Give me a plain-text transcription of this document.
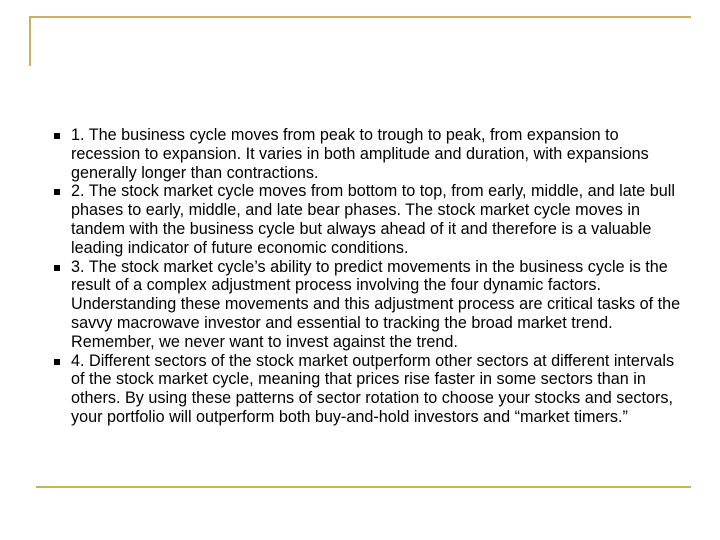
1. The business cycle moves from peak to trough to peak, from expansion to recession to expansion. It varies in both amplitude and duration, with expansions generally longer than contractions.
2. The stock market cycle moves from bottom to top, from early, middle, and late bull phases to early, middle, and late bear phases. The stock market cycle moves in tandem with the business cycle but always ahead of it and therefore is a valuable leading indicator of future economic conditions.
3. The stock market cycle’s ability to predict movements in the business cycle is the result of a complex adjustment process involving the four dynamic factors. Understanding these movements and this adjustment process are critical tasks of the savvy macrowave investor and essential to tracking the broad market trend. Remember, we never want to invest against the trend.
4. Different sectors of the stock market outperform other sectors at different intervals of the stock market cycle, meaning that prices rise faster in some sectors than in others. By using these patterns of sector rotation to choose your stocks and sectors, your portfolio will outperform both buy-and-hold investors and “market timers.”
